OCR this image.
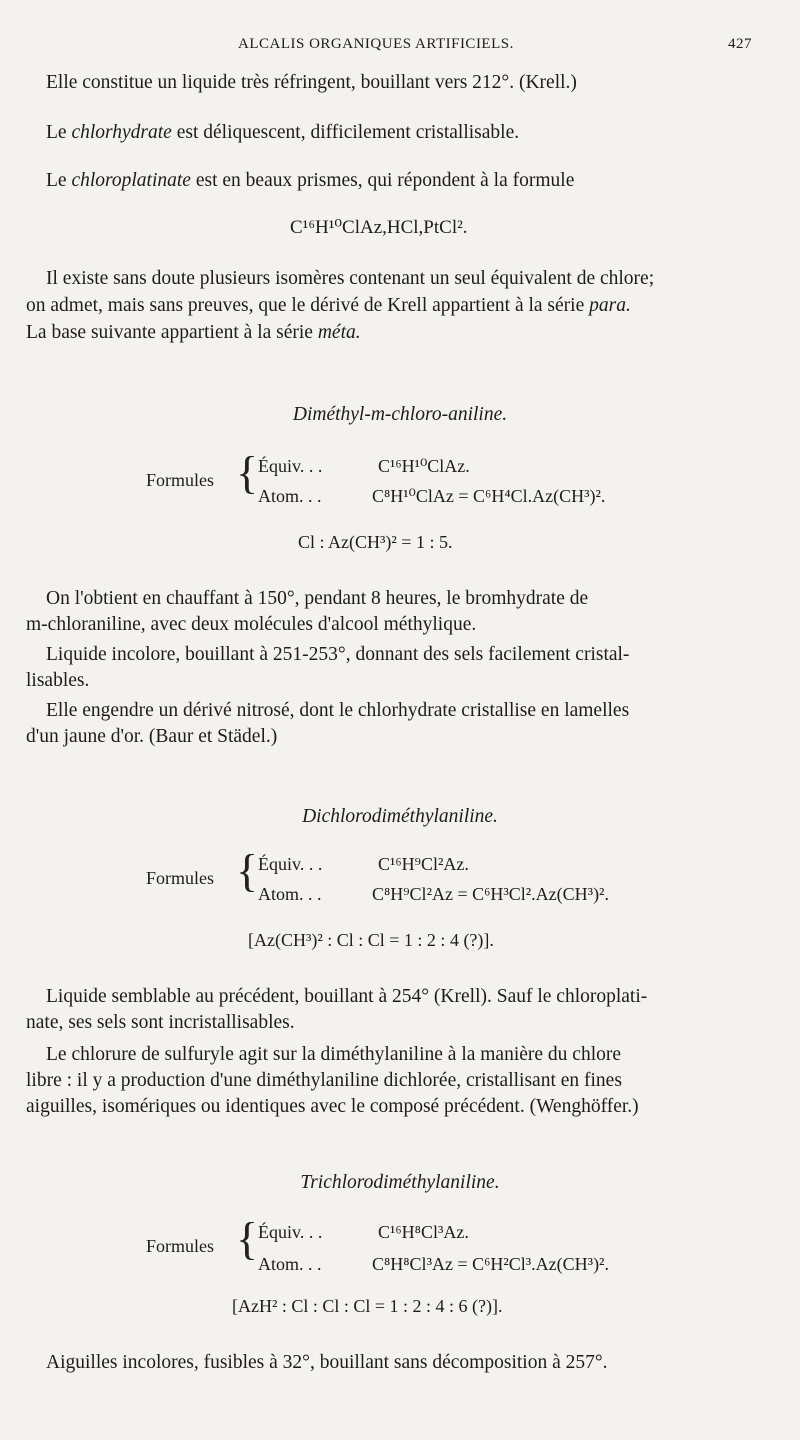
ALCALIS ORGANIQUES ARTIFICIELS.	427
Elle constitue un liquide très réfringent, bouillant vers 212°. (Krell.)
Le chlorhydrate est déliquescent, difficilement cristallisable.
Le chloroplatinate est en beaux prismes, qui répondent à la formule
C¹⁶H¹⁰ClAz,HCl,PtCl².
Il existe sans doute plusieurs isomères contenant un seul équivalent de chlore;
on admet, mais sans preuves, que le dérivé de Krell appartient à la série para.
La base suivante appartient à la série méta.
Diméthyl-m-chloro-aniline.
Formules { Équiv. . .	C¹⁶H¹⁰ClAz.
Atom. . .	C⁸H¹⁰ClAz = C⁶H⁴Cl.Az(CH³)².
Cl : Az(CH³)² = 1 : 5.
On l'obtient en chauffant à 150°, pendant 8 heures, le bromhydrate de
m-chloraniline, avec deux molécules d'alcool méthylique.
Liquide incolore, bouillant à 251-253°, donnant des sels facilement cristal-
lisables.
Elle engendre un dérivé nitrosé, dont le chlorhydrate cristallise en lamelles
d'un jaune d'or. (Baur et Städel.)
Dichlorodiméthylaniline.
Formules { Équiv. . .	C¹⁶H⁹Cl²Az.
Atom. . .	C⁸H⁹Cl²Az = C⁶H³Cl².Az(CH³)².
[Az(CH³)² : Cl : Cl = 1 : 2 : 4 (?)].
Liquide semblable au précédent, bouillant à 254° (Krell). Sauf le chloroplati-
nate, ses sels sont incristallisables.
Le chlorure de sulfuryle agit sur la diméthylaniline à la manière du chlore
libre : il y a production d'une diméthylaniline dichlorée, cristallisant en fines
aiguilles, isomériques ou identiques avec le composé précédent. (Wenghöffer.)
Trichlorodiméthylaniline.
Formules { Équiv. . .	C¹⁶H⁸Cl³Az.
Atom. . .	C⁸H⁸Cl³Az = C⁶H²Cl³.Az(CH³)².
[AzH² : Cl : Cl : Cl = 1 : 2 : 4 : 6 (?)].
Aiguilles incolores, fusibles à 32°, bouillant sans décomposition à 257°.
